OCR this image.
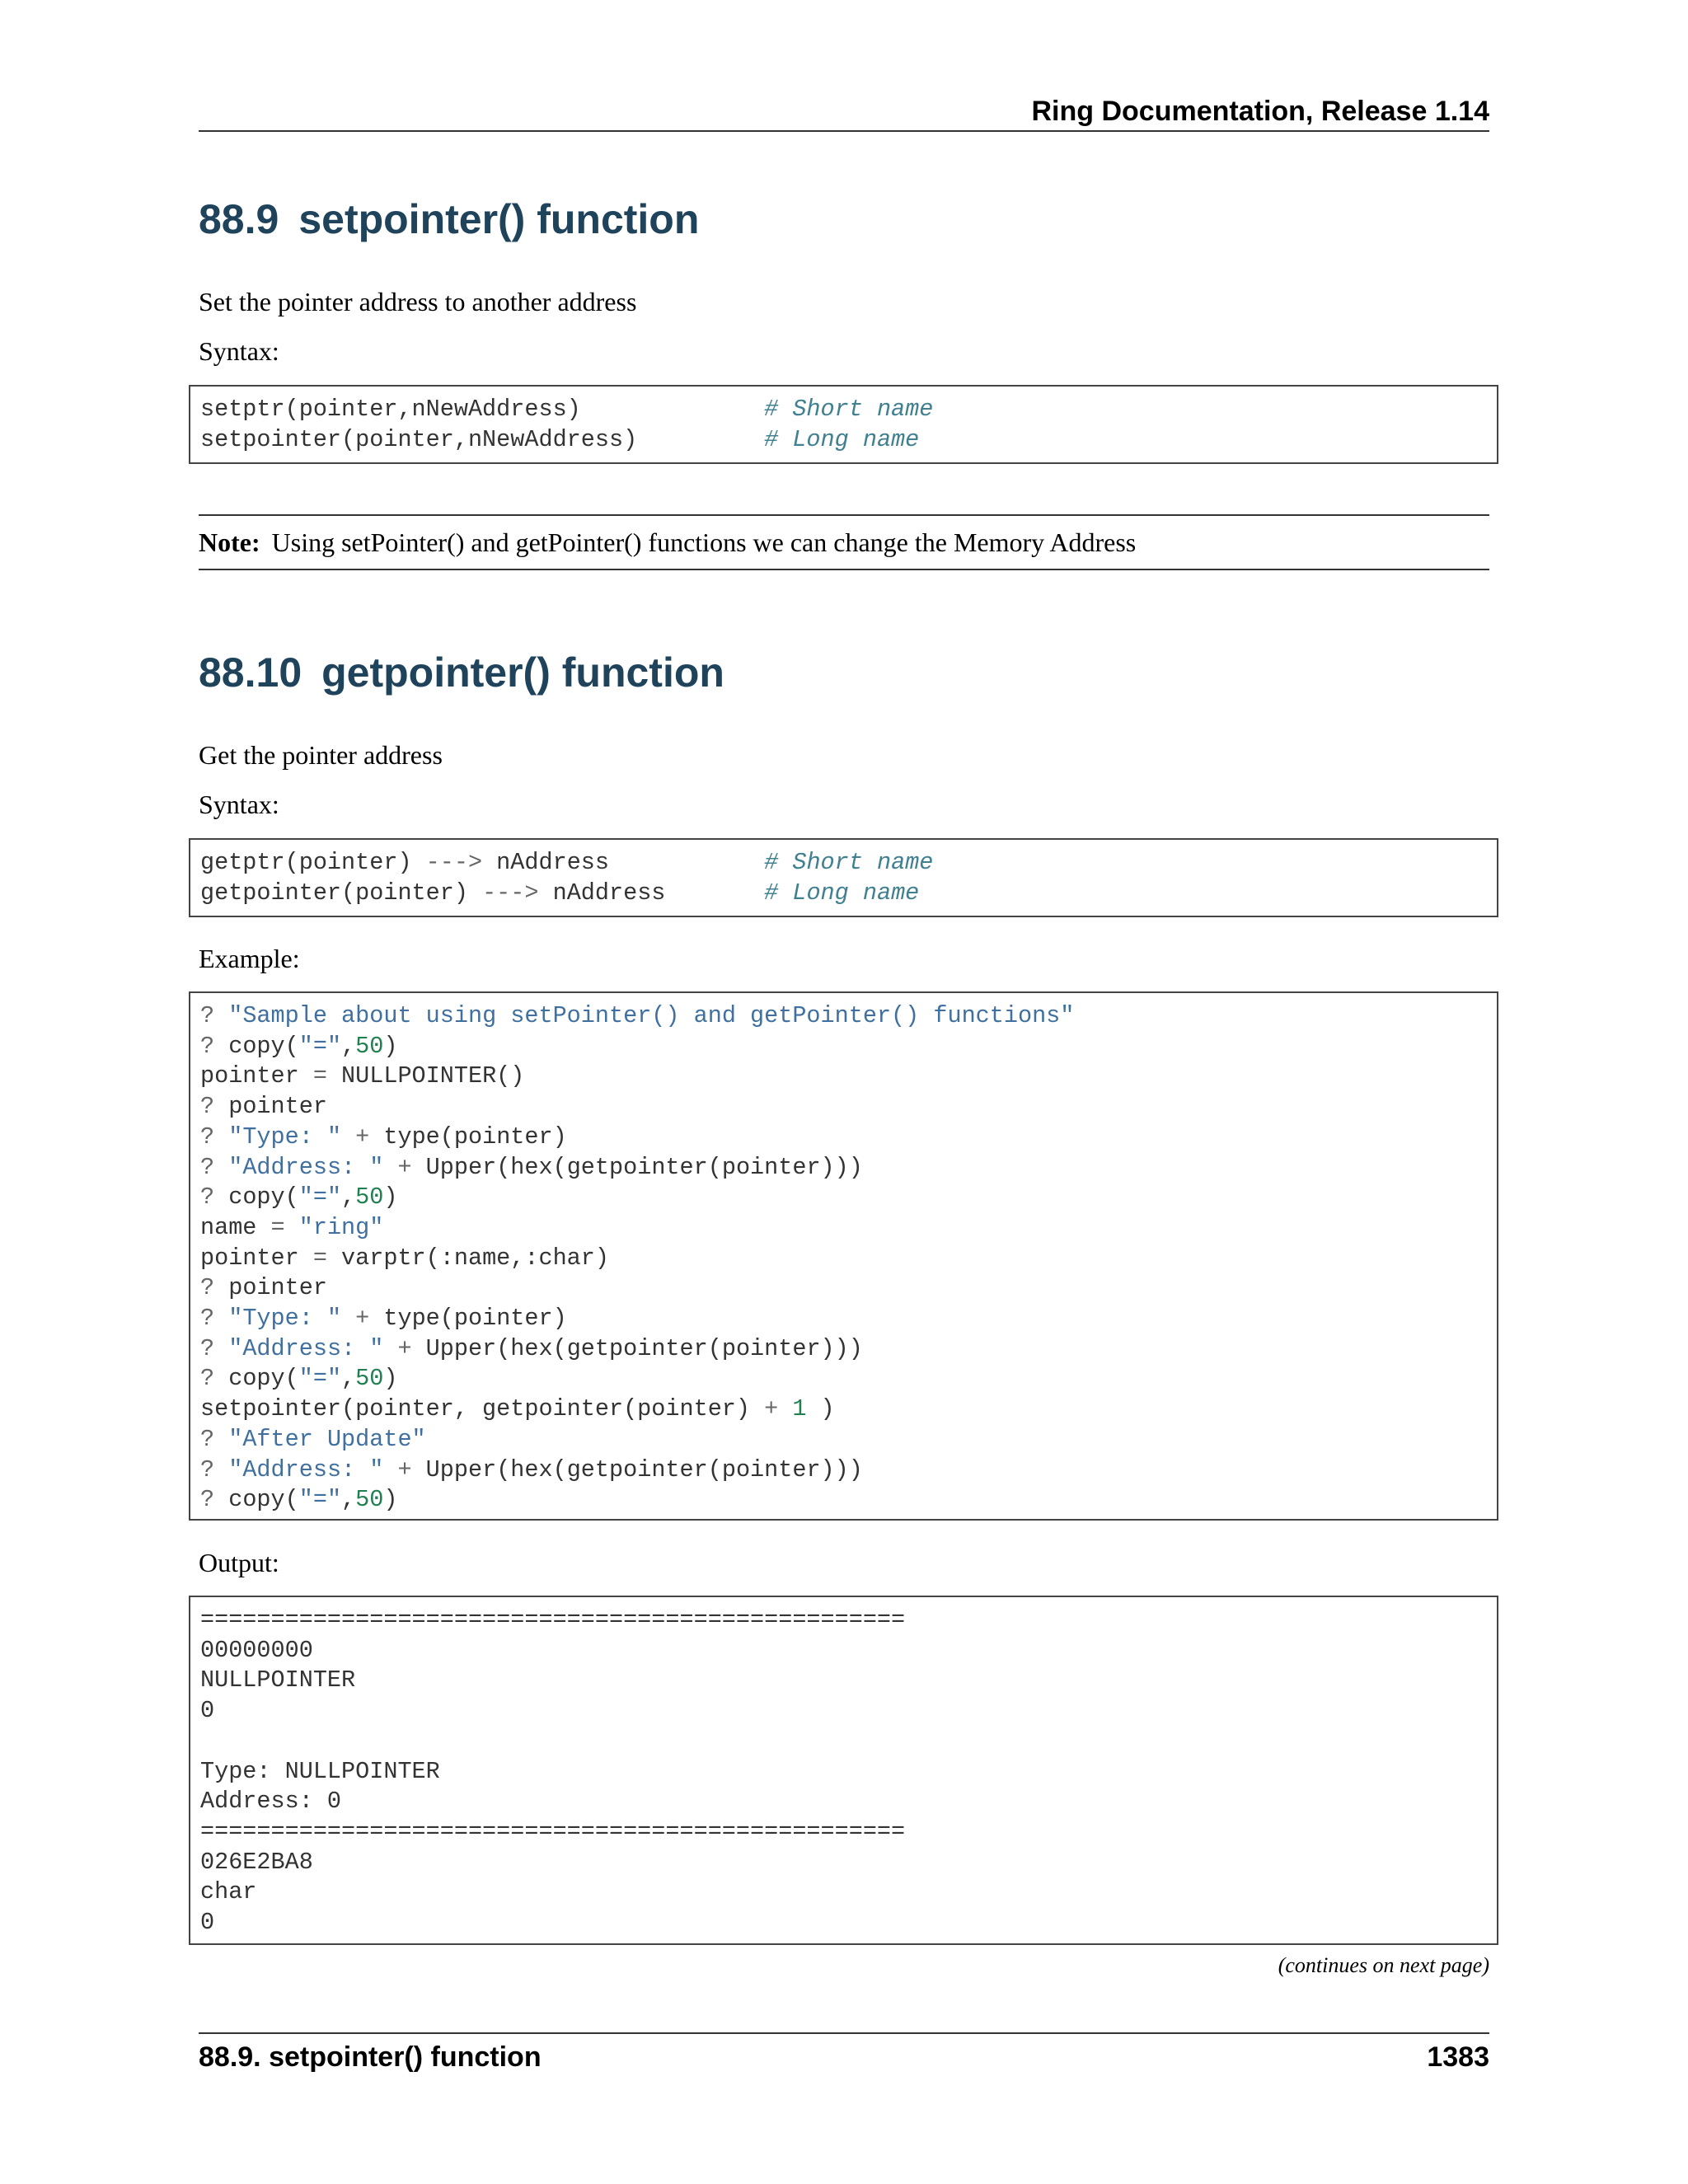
Ring Documentation, Release 1.14
88.9 setpointer() function
Set the pointer address to another address
Syntax:
setptr(pointer,nNewAddress)             # Short name
setpointer(pointer,nNewAddress)	# Long name
Note: Using setPointer() and getPointer() functions we can change the Memory Address
88.10 getpointer() function
Get the pointer address
Syntax:
getptr(pointer) ---> nAddress           # Short name
getpointer(pointer) ---> nAddress       # Long name
Example:
? "Sample about using setPointer() and getPointer() functions"
? copy("=",50)
pointer = NULLPOINTER()
? pointer
? "Type: " + type(pointer)
? "Address: " + Upper(hex(getpointer(pointer)))
? copy("=",50)
name = "ring"
pointer = varptr(:name,:char)
? pointer
? "Type: " + type(pointer)
? "Address: " + Upper(hex(getpointer(pointer)))
? copy("=",50)
setpointer(pointer, getpointer(pointer) + 1 )
? "After Update"
? "Address: " + Upper(hex(getpointer(pointer)))
? copy("=",50)
Output:
==================================================
00000000
NULLPOINTER
0

Type: NULLPOINTER
Address: 0
==================================================
026E2BA8
char
0
(continues on next page)
88.9. setpointer() function	1383
